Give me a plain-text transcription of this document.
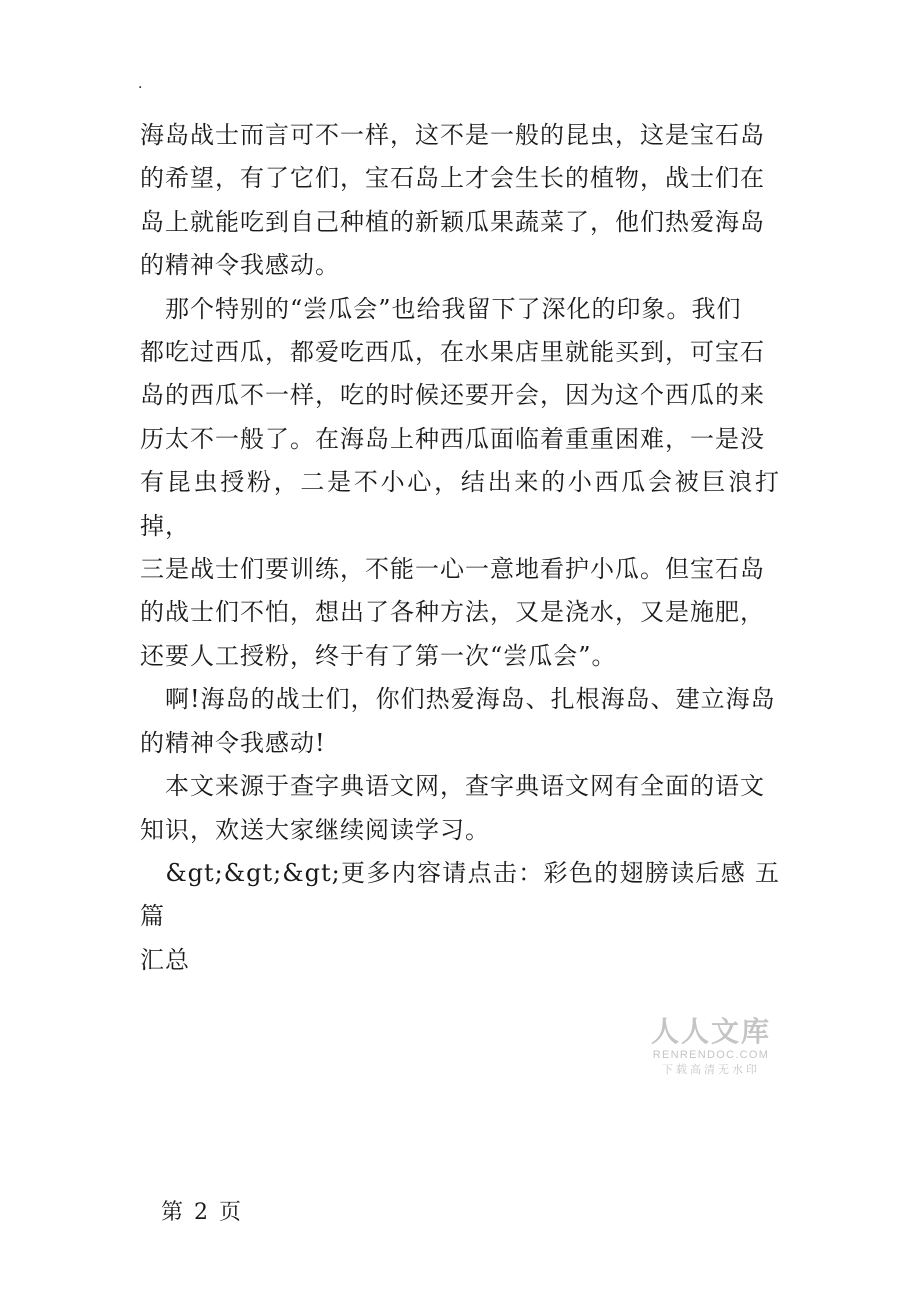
.

海岛战士而言可不一样，这不是一般的昆虫，这是宝石岛
的希望，有了它们，宝石岛上才会生长的植物，战士们在
岛上就能吃到自己种植的新颖瓜果蔬菜了，他们热爱海岛
的精神令我感动。

　那个特别的“尝瓜会”也给我留下了深化的印象。我们
都吃过西瓜，都爱吃西瓜，在水果店里就能买到，可宝石
岛的西瓜不一样，吃的时候还要开会，因为这个西瓜的来
历太不一般了。在海岛上种西瓜面临着重重困难，一是没
有昆虫授粉，二是不小心，结出来的小西瓜会被巨浪打掉，
三是战士们要训练，不能一心一意地看护小瓜。但宝石岛
的战士们不怕，想出了各种方法，又是浇水，又是施肥，
还要人工授粉，终于有了第一次“尝瓜会”。

　啊!海岛的战士们，你们热爱海岛、扎根海岛、建立海岛
的精神令我感动!

　本文来源于查字典语文网，查字典语文网有全面的语文
知识，欢送大家继续阅读学习。

　&gt;&gt;&gt;更多内容请点击：彩色的翅膀读后感 五篇
汇总

人人文库
RENRENDOC.COM
下载高清无水印
第 2 页
